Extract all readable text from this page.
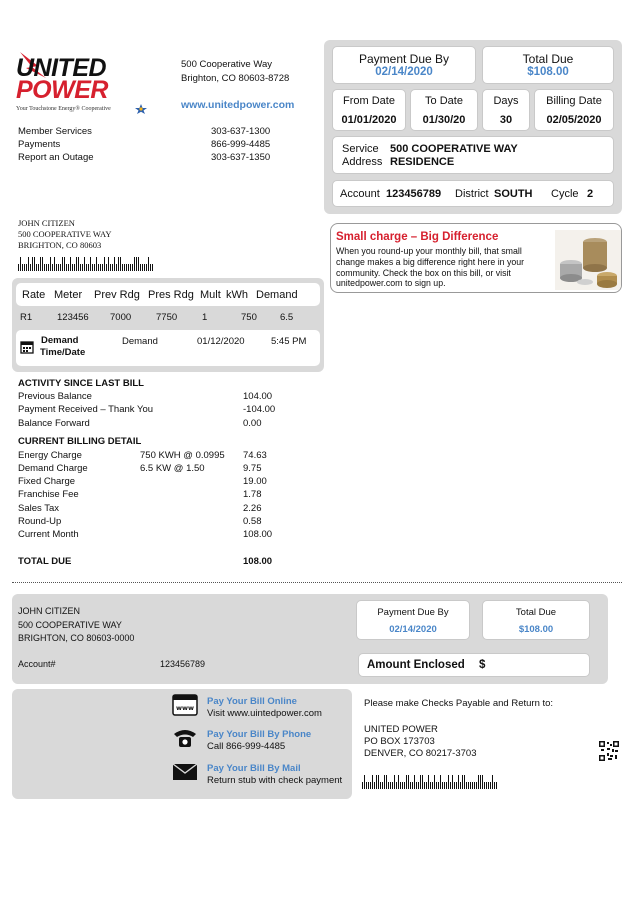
UNITED
POWER
Your Touchstone Energy® Cooperative
500 Cooperative Way
Brighton, CO 80603-8728
www.unitedpower.com
Member Services	303-637-1300
Payments	866-999-4485
Report an Outage	303-637-1350
JOHN CITIZEN
500 COOPERATIVE WAY
BRIGHTON, CO 80603
Payment Due By
02/14/2020
Total Due
$108.00
From Date
01/01/2020
To Date
01/30/20
Days
30
Billing Date
02/05/2020
Service 500 COOPERATIVE WAY
Address RESIDENCE
Account 123456789 District SOUTH Cycle 2
Small charge – Big Difference
When you round-up your monthly bill, that small change makes a big difference right here in your community. Check the box on this bill, or visit unitedpower.com to sign up.
Rate Meter Prev Rdg Pres Rdg Mult kWh Demand
R1	123456 7000	7750	1	750 6.5
Demand
Time/Date
Demand	01/12/2020	5:45 PM
ACTIVITY SINCE LAST BILL
Previous Balance	104.00
Payment Received – Thank You	-104.00
Balance Forward	0.00
CURRENT BILLING DETAIL
Energy Charge	750 KWH @ 0.0995 74.63
Demand Charge	6.5 KW @ 1.50	9.75
Fixed Charge	19.00
Franchise Fee	1.78
Sales Tax	2.26
Round-Up	0.58
Current Month	108.00
TOTAL DUE	108.00
JOHN CITIZEN
500 COOPERATIVE WAY
BRIGHTON, CO 80603-0000
Account#	123456789
Payment Due By
02/14/2020
Total Due
$108.00
Amount Enclosed $
www
Pay Your Bill Online
Visit www.uintedpower.com
Pay Your Bill By Phone
Call 866-999-4485
Pay Your Bill By Mail
Return stub with check payment
Please make Checks Payable and Return to:
UNITED POWER
PO BOX 173703
DENVER, CO 80217-3703
